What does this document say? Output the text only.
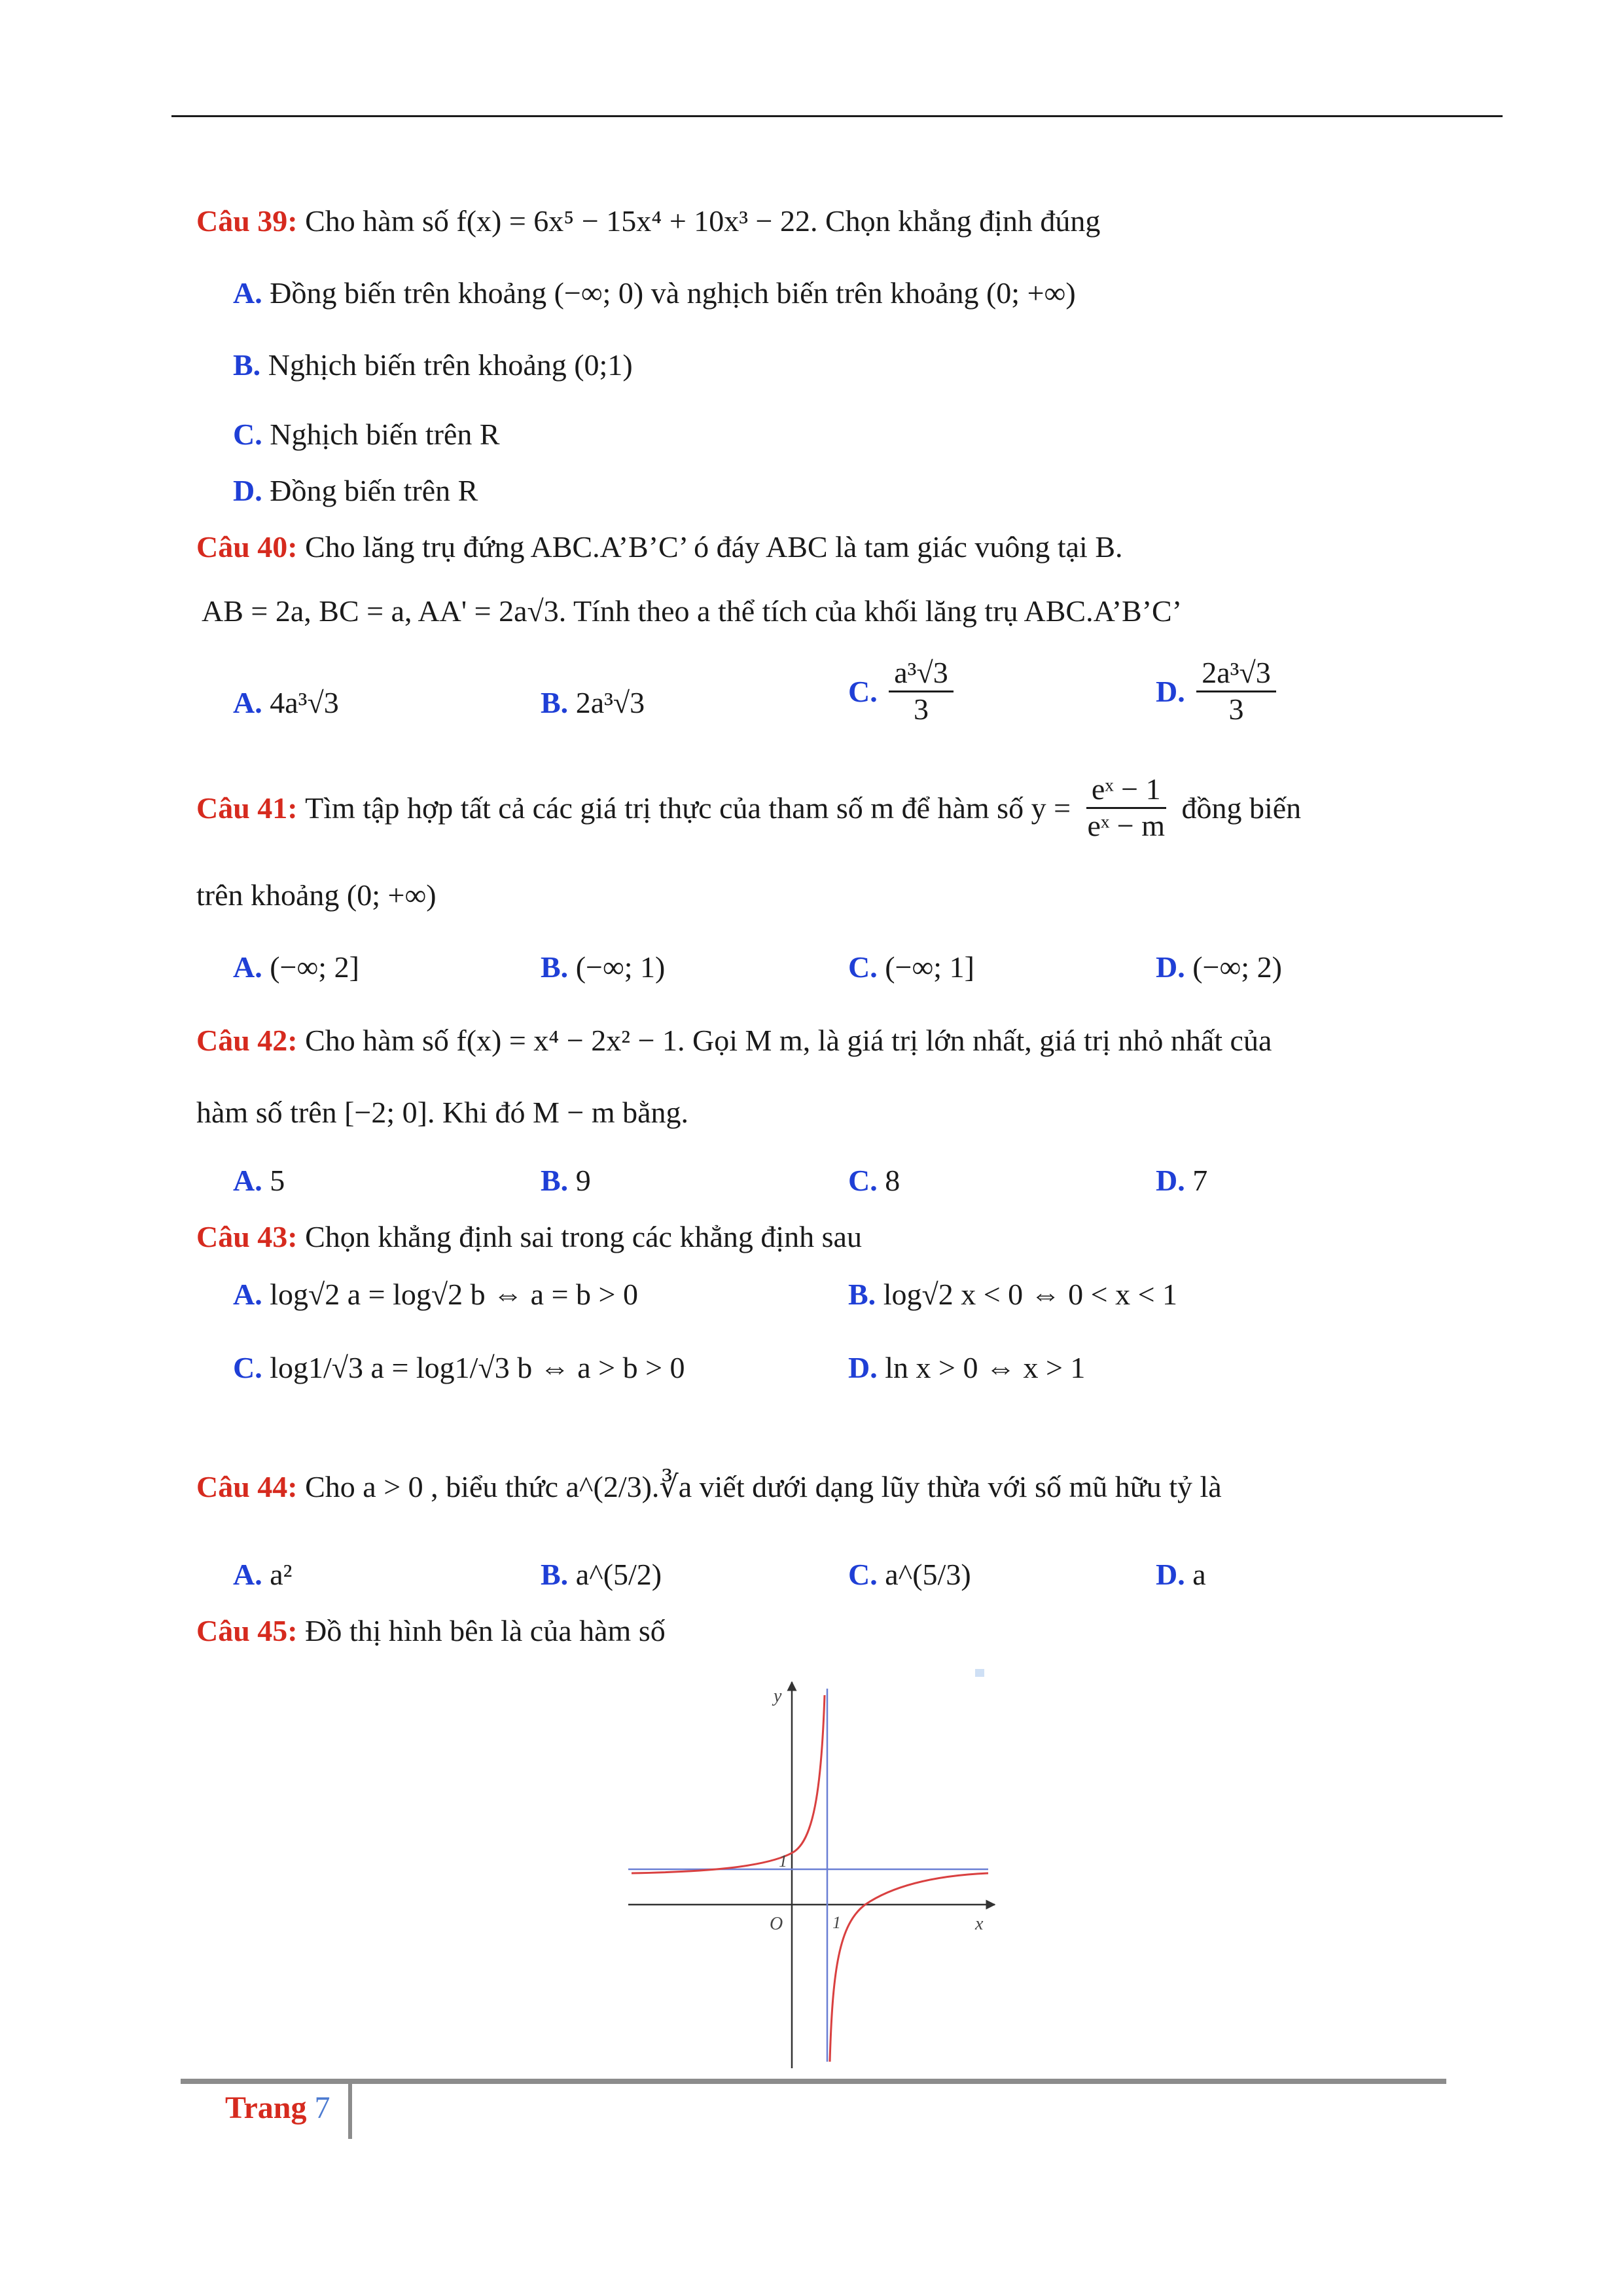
Câu 39: Cho hàm số f(x) = 6x⁵ − 15x⁴ + 10x³ − 22. Chọn khẳng định đúng
A. Đồng biến trên khoảng (−∞; 0) và nghịch biến trên khoảng (0; +∞)
B. Nghịch biến trên khoảng (0;1)
C. Nghịch biến trên R
D. Đồng biến trên R
Câu 40: Cho lăng trụ đứng ABC.A’B’C’ ó đáy ABC là tam giác vuông tại B.
AB = 2a, BC = a, AA' = 2a√3. Tính theo a thể tích của khối lăng trụ ABC.A’B’C’
A. 4a³√3	B. 2a³√3	C. $\frac{\text{a³√3}}{3}$	D. $\frac{\text{2a³√3}}{3}$
Câu 41: Tìm tập hợp tất cả các giá trị thực của tham số m để hàm số $y = \frac{\text{eˣ − 1}}{\text{eˣ − m}}$ đồng biến
trên khoảng (0; +∞)
A. (−∞; 2]	B. (−∞; 1)	C. (−∞; 1]	D. (−∞; 2)
Câu 42: Cho hàm số f(x) = x⁴ − 2x² − 1. Gọi M m, là giá trị lớn nhất, giá trị nhỏ nhất của
hàm số trên [−2; 0]. Khi đó M − m bằng.
A. 5	B. 9	C. 8	D. 7
Câu 43: Chọn khẳng định sai trong các khẳng định sau
A. log√2 a = log√2 b ⇔ a = b > 0	B. log√2 x < 0 ⇔ 0 < x < 1
C. log1/√3 a = log1/√3 b ⇔ a > b > 0	D. ln x > 0 ⇔ x > 1
Câu 44: Cho a > 0 , biểu thức a^(2/3).∛a viết dưới dạng lũy thừa với số mũ hữu tỷ là
A. a²	B. a^(5/2)	C. a^(5/3)	D. a
Câu 45: Đồ thị hình bên là của hàm số
y
x
O
1
1
Trang 7
